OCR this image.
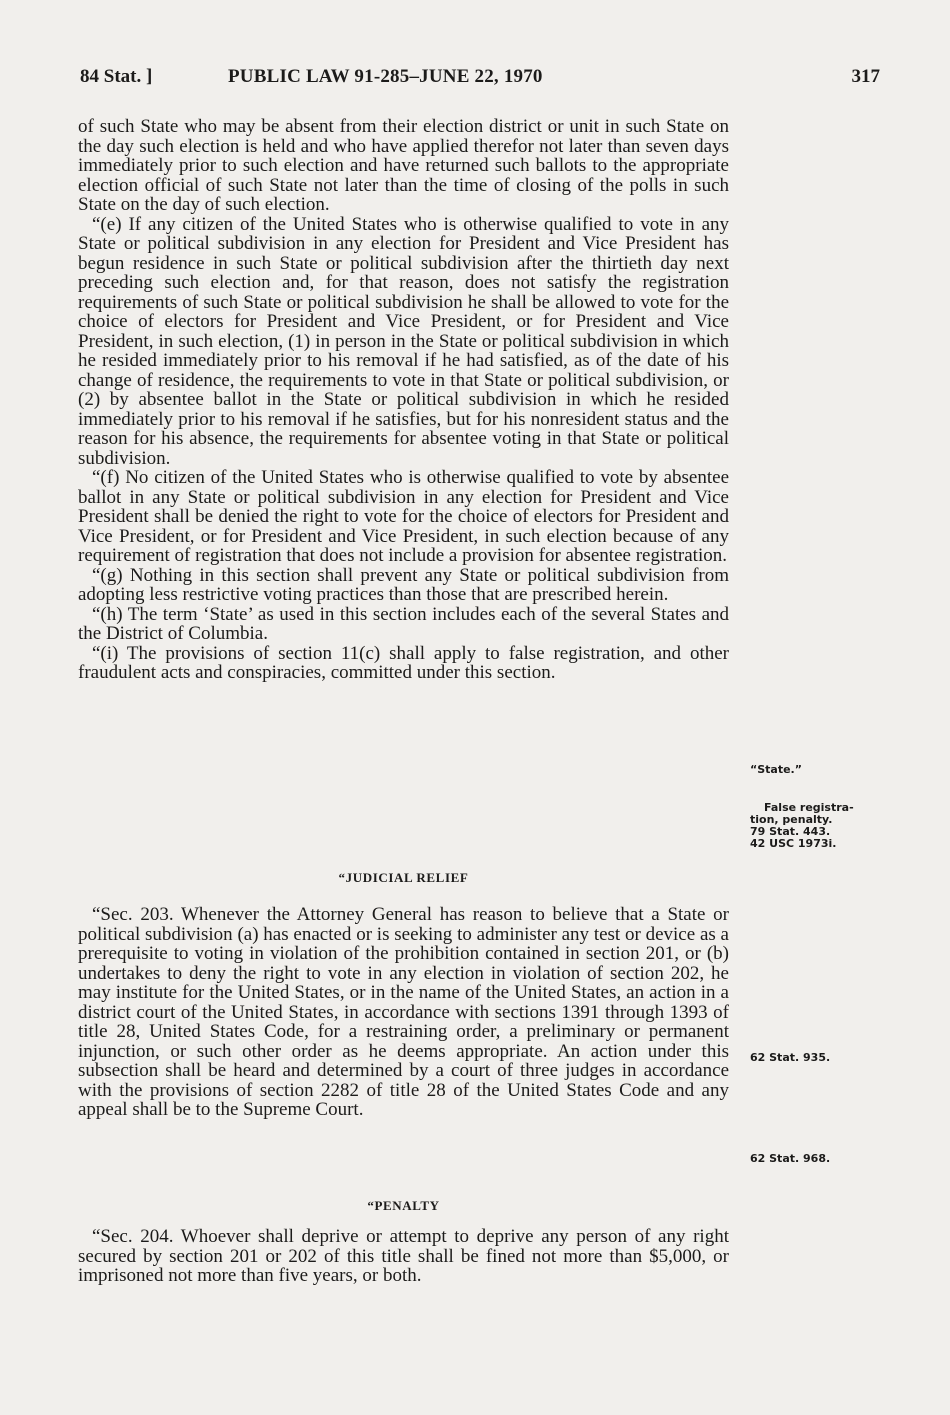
84 Stat. ]	PUBLIC LAW 91-285–JUNE 22, 1970	317

of such State who may be absent from their election district or unit in such State on the day such election is held and who have applied therefor not later than seven days immediately prior to such election and have returned such ballots to the appropriate election official of such State not later than the time of closing of the polls in such State on the day of such election.

“(e) If any citizen of the United States who is otherwise qualified to vote in any State or political subdivision in any election for President and Vice President has begun residence in such State or political subdivision after the thirtieth day next preceding such election and, for that reason, does not satisfy the registration requirements of such State or political subdivision he shall be allowed to vote for the choice of electors for President and Vice President, or for President and Vice President, in such election, (1) in person in the State or political subdivision in which he resided immediately prior to his removal if he had satisfied, as of the date of his change of residence, the requirements to vote in that State or political subdivision, or (2) by absentee ballot in the State or political subdivision in which he resided immediately prior to his removal if he satisfies, but for his nonresident status and the reason for his absence, the requirements for absentee voting in that State or political subdivision.

“(f) No citizen of the United States who is otherwise qualified to vote by absentee ballot in any State or political subdivision in any election for President and Vice President shall be denied the right to vote for the choice of electors for President and Vice President, or for President and Vice President, in such election because of any requirement of registration that does not include a provision for absentee registration.

“(g) Nothing in this section shall prevent any State or political subdivision from adopting less restrictive voting practices than those that are prescribed herein.

“(h) The term ‘State’ as used in this section includes each of the several States and the District of Columbia.

“(i) The provisions of section 11(c) shall apply to false registration, and other fraudulent acts and conspiracies, committed under this section.

“JUDICIAL RELIEF

“Sec. 203. Whenever the Attorney General has reason to believe that a State or political subdivision (a) has enacted or is seeking to administer any test or device as a prerequisite to voting in violation of the prohibition contained in section 201, or (b) undertakes to deny the right to vote in any election in violation of section 202, he may institute for the United States, or in the name of the United States, an action in a district court of the United States, in accordance with sections 1391 through 1393 of title 28, United States Code, for a restraining order, a preliminary or permanent injunction, or such other order as he deems appropriate. An action under this subsection shall be heard and determined by a court of three judges in accordance with the provisions of section 2282 of title 28 of the United States Code and any appeal shall be to the Supreme Court.

“PENALTY

“Sec. 204. Whoever shall deprive or attempt to deprive any person of any right secured by section 201 or 202 of this title shall be fined not more than $5,000, or imprisoned not more than five years, or both.

“State.”
False registra-
tion, penalty.
79 Stat. 443.
42 USC 1973i.
62 Stat. 935.
62 Stat. 968.
